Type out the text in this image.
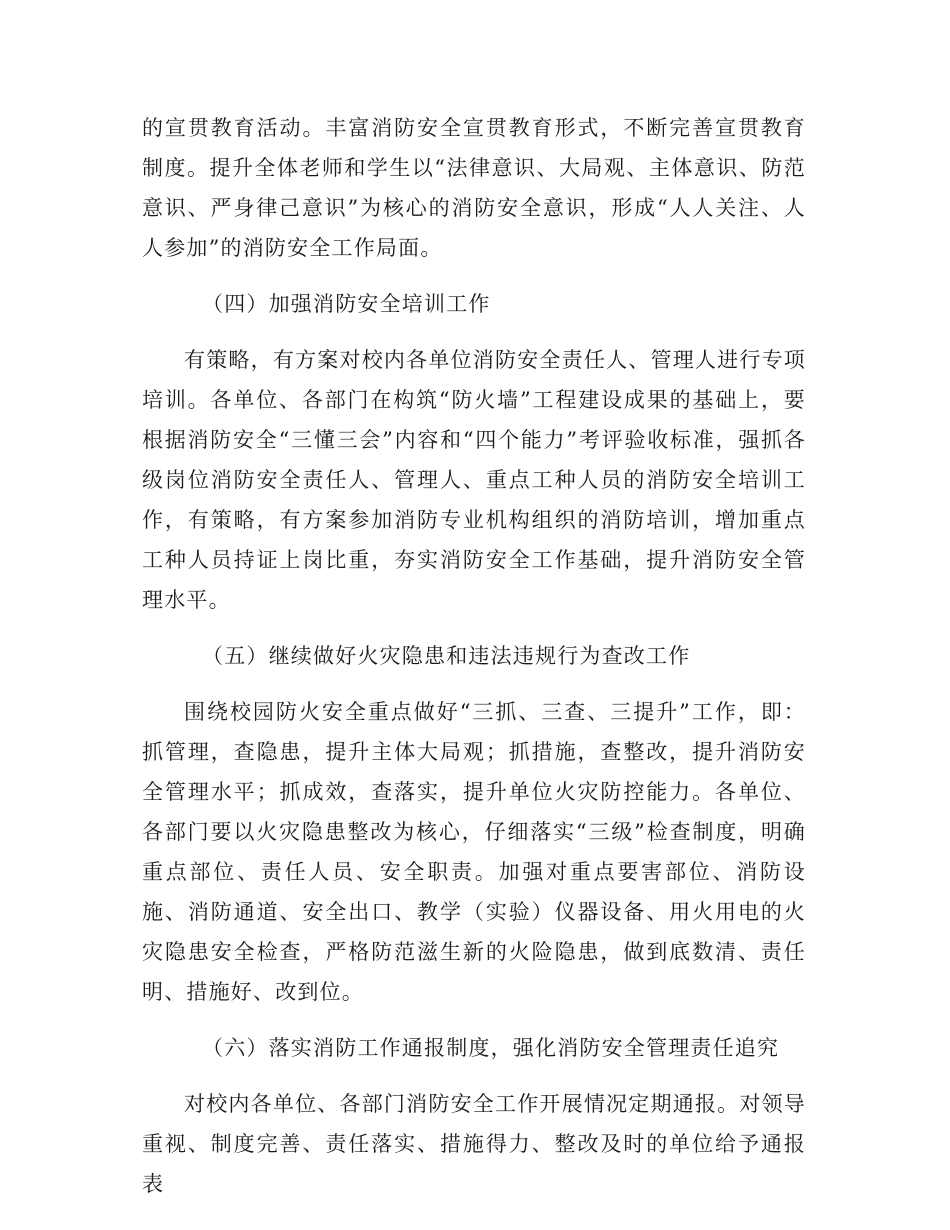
的宣贯教育活动。丰富消防安全宣贯教育形式，不断完善宣贯教育制度。提升全体老师和学生以“法律意识、大局观、主体意识、防范意识、严身律己意识”为核心的消防安全意识，形成“人人关注、人人参加”的消防安全工作局面。

（四）加强消防安全培训工作

有策略，有方案对校内各单位消防安全责任人、管理人进行专项培训。各单位、各部门在构筑“防火墙”工程建设成果的基础上，要根据消防安全“三懂三会”内容和“四个能力”考评验收标准，强抓各级岗位消防安全责任人、管理人、重点工种人员的消防安全培训工作，有策略，有方案参加消防专业机构组织的消防培训，增加重点工种人员持证上岗比重，夯实消防安全工作基础，提升消防安全管理水平。

（五）继续做好火灾隐患和违法违规行为查改工作

围绕校园防火安全重点做好“三抓、三查、三提升”工作，即：抓管理，查隐患，提升主体大局观；抓措施，查整改，提升消防安全管理水平；抓成效，查落实，提升单位火灾防控能力。各单位、各部门要以火灾隐患整改为核心，仔细落实“三级”检查制度，明确重点部位、责任人员、安全职责。加强对重点要害部位、消防设施、消防通道、安全出口、教学（实验）仪器设备、用火用电的火灾隐患安全检查，严格防范滋生新的火险隐患，做到底数清、责任明、措施好、改到位。

（六）落实消防工作通报制度，强化消防安全管理责任追究

对校内各单位、各部门消防安全工作开展情况定期通报。对领导重视、制度完善、责任落实、措施得力、整改及时的单位给予通报表
